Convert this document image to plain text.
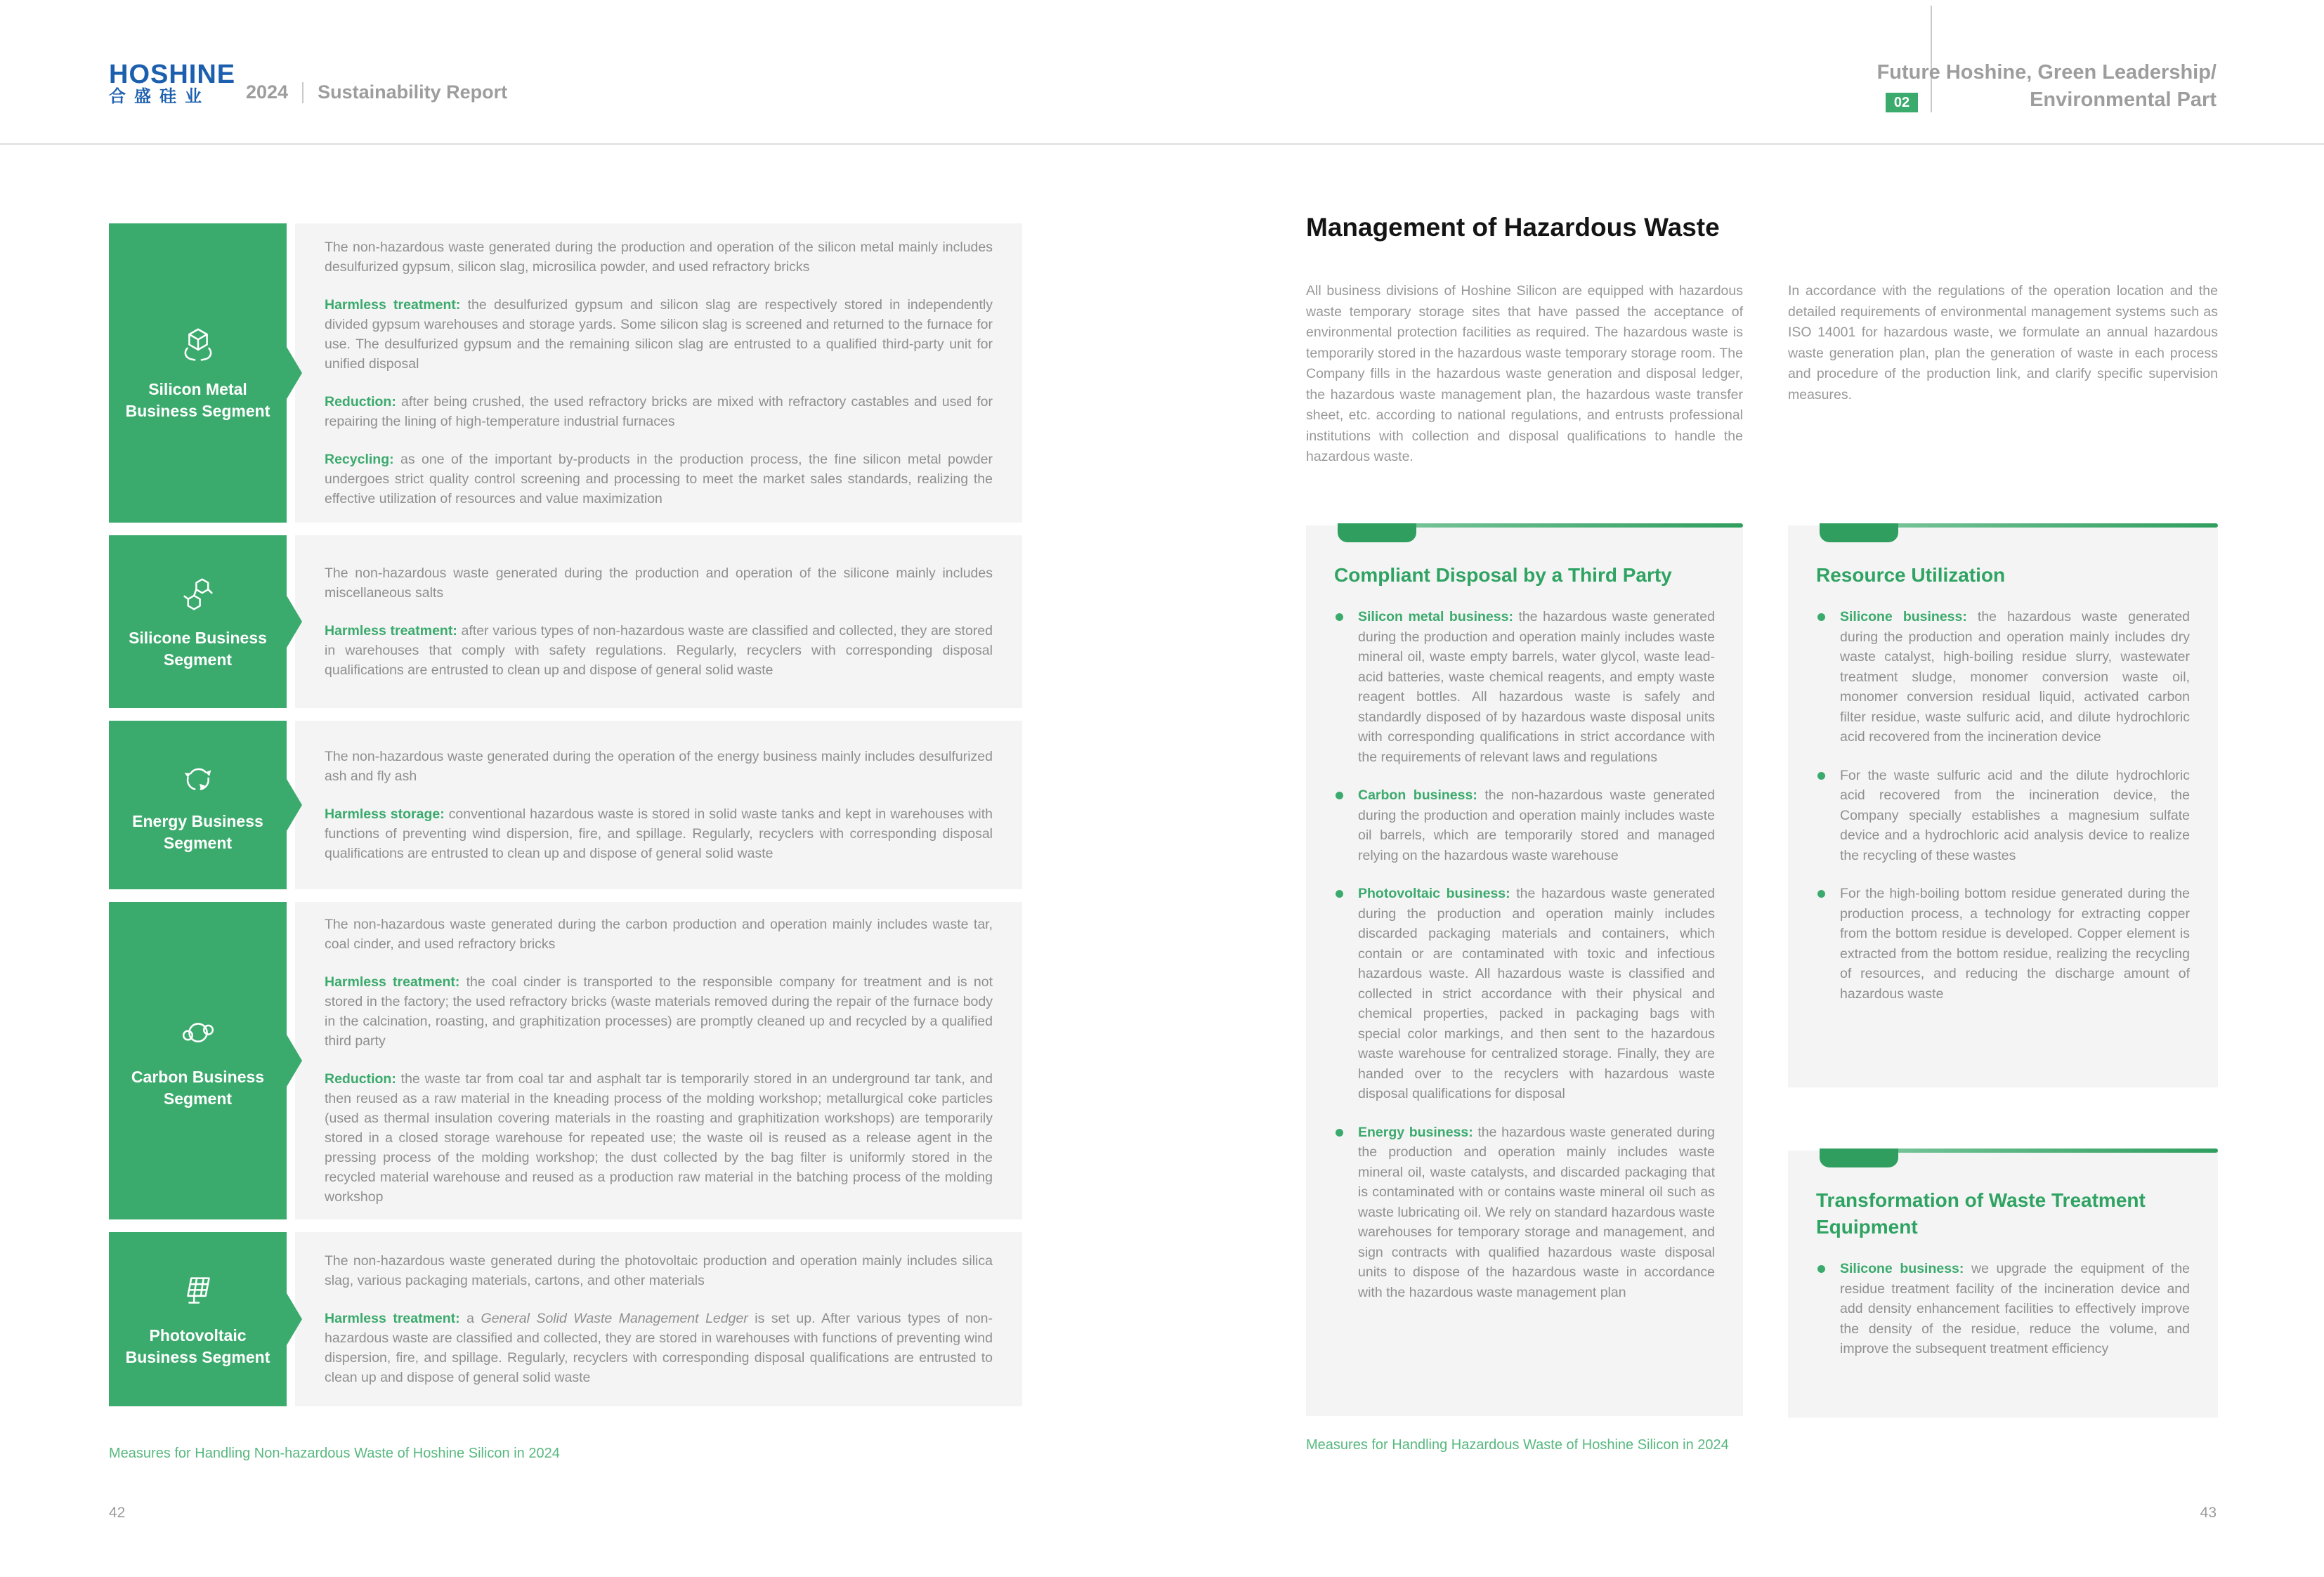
HOSHINE
合盛硅业	2024 Sustainability Report	02
Future Hoshine, Green Leadership/
Environmental Part
Silicon Metal Business Segment

The non-hazardous waste generated during the production and operation of the silicon metal mainly includes desulfurized gypsum, silicon slag, microsilica powder, and used refractory bricks

Harmless treatment: the desulfurized gypsum and silicon slag are respectively stored in independently divided gypsum warehouses and storage yards. Some silicon slag is screened and returned to the furnace for use. The desulfurized gypsum and the remaining silicon slag are entrusted to a qualified third-party unit for unified disposal

Reduction: after being crushed, the used refractory bricks are mixed with refractory castables and used for repairing the lining of high-temperature industrial furnaces

Recycling: as one of the important by-products in the production process, the fine silicon metal powder undergoes strict quality control screening and processing to meet the market sales standards, realizing the effective utilization of resources and value maximization

Silicone Business Segment

The non-hazardous waste generated during the production and operation of the silicone mainly includes miscellaneous salts

Harmless treatment: after various types of non-hazardous waste are classified and collected, they are stored in warehouses that comply with safety regulations. Regularly, recyclers with corresponding disposal qualifications are entrusted to clean up and dispose of general solid waste

Energy Business Segment

The non-hazardous waste generated during the operation of the energy business mainly includes desulfurized ash and fly ash

Harmless storage: conventional hazardous waste is stored in solid waste tanks and kept in warehouses with functions of preventing wind dispersion, fire, and spillage. Regularly, recyclers with corresponding disposal qualifications are entrusted to clean up and dispose of general solid waste

Carbon Business Segment

The non-hazardous waste generated during the carbon production and operation mainly includes waste tar, coal cinder, and used refractory bricks

Harmless treatment: the coal cinder is transported to the responsible company for treatment and is not stored in the factory; the used refractory bricks (waste materials removed during the repair of the furnace body in the calcination, roasting, and graphitization processes) are promptly cleaned up and recycled by a qualified third party

Reduction: the waste tar from coal tar and asphalt tar is temporarily stored in an underground tar tank, and then reused as a raw material in the kneading process of the molding workshop; metallurgical coke particles (used as thermal insulation covering materials in the roasting and graphitization workshops) are temporarily stored in a closed storage warehouse for repeated use; the waste oil is reused as a release agent in the pressing process of the molding workshop; the dust collected by the bag filter is uniformly stored in the recycled material warehouse and reused as a production raw material in the batching process of the molding workshop

Photovoltaic Business Segment

The non-hazardous waste generated during the photovoltaic production and operation mainly includes silica slag, various packaging materials, cartons, and other materials

Harmless treatment: a General Solid Waste Management Ledger is set up. After various types of non-hazardous waste are classified and collected, they are stored in warehouses with functions of preventing wind dispersion, fire, and spillage. Regularly, recyclers with corresponding disposal qualifications are entrusted to clean up and dispose of general solid waste

Measures for Handling Non-hazardous Waste of Hoshine Silicon in 2024
42
Management of Hazardous Waste
All business divisions of Hoshine Silicon are equipped with hazardous waste temporary storage sites that have passed the acceptance of environmental protection facilities as required. The hazardous waste is temporarily stored in the hazardous waste temporary storage room. The Company fills in the hazardous waste generation and disposal ledger, the hazardous waste management plan, the hazardous waste transfer sheet, etc. according to national regulations, and entrusts professional institutions with collection and disposal qualifications to handle the hazardous waste.
In accordance with the regulations of the operation location and the detailed requirements of environmental management systems such as ISO 14001 for hazardous waste, we formulate an annual hazardous waste generation plan, plan the generation of waste in each process and procedure of the production link, and clarify specific supervision measures.
Compliant Disposal by a Third Party
Silicon metal business: the hazardous waste generated during the production and operation mainly includes waste mineral oil, waste empty barrels, water glycol, waste lead-acid batteries, waste chemical reagents, and empty waste reagent bottles. All hazardous waste is safely and standardly disposed of by hazardous waste disposal units with corresponding qualifications in strict accordance with the requirements of relevant laws and regulations
Carbon business: the non-hazardous waste generated during the production and operation mainly includes waste oil barrels, which are temporarily stored and managed relying on the hazardous waste warehouse
Photovoltaic business: the hazardous waste generated during the production and operation mainly includes discarded packaging materials and containers, which contain or are contaminated with toxic and infectious hazardous waste. All hazardous waste is classified and collected in strict accordance with their physical and chemical properties, packed in packaging bags with special color markings, and then sent to the hazardous waste warehouse for centralized storage. Finally, they are handed over to the recyclers with hazardous waste disposal qualifications for disposal
Energy business: the hazardous waste generated during the production and operation mainly includes waste mineral oil, waste catalysts, and discarded packaging that is contaminated with or contains waste mineral oil such as waste lubricating oil. We rely on standard hazardous waste warehouses for temporary storage and management, and sign contracts with qualified hazardous waste disposal units to dispose of the hazardous waste in accordance with the hazardous waste management plan
Resource Utilization
Silicone business: the hazardous waste generated during the production and operation mainly includes dry waste catalyst, high-boiling residue slurry, wastewater treatment sludge, monomer conversion waste oil, monomer conversion residual liquid, activated carbon filter residue, waste sulfuric acid, and dilute hydrochloric acid recovered from the incineration device
For the waste sulfuric acid and the dilute hydrochloric acid recovered from the incineration device, the Company specially establishes a magnesium sulfate device and a hydrochloric acid analysis device to realize the recycling of these wastes
For the high-boiling bottom residue generated during the production process, a technology for extracting copper from the bottom residue is developed. Copper element is extracted from the bottom residue, realizing the recycling of resources, and reducing the discharge amount of hazardous waste
Transformation of Waste Treatment Equipment
Silicone business: we upgrade the equipment of the residue treatment facility of the incineration device and add density enhancement facilities to effectively improve the density of the residue, reduce the volume, and improve the subsequent treatment efficiency
Measures for Handling Hazardous Waste of Hoshine Silicon in 2024
43
